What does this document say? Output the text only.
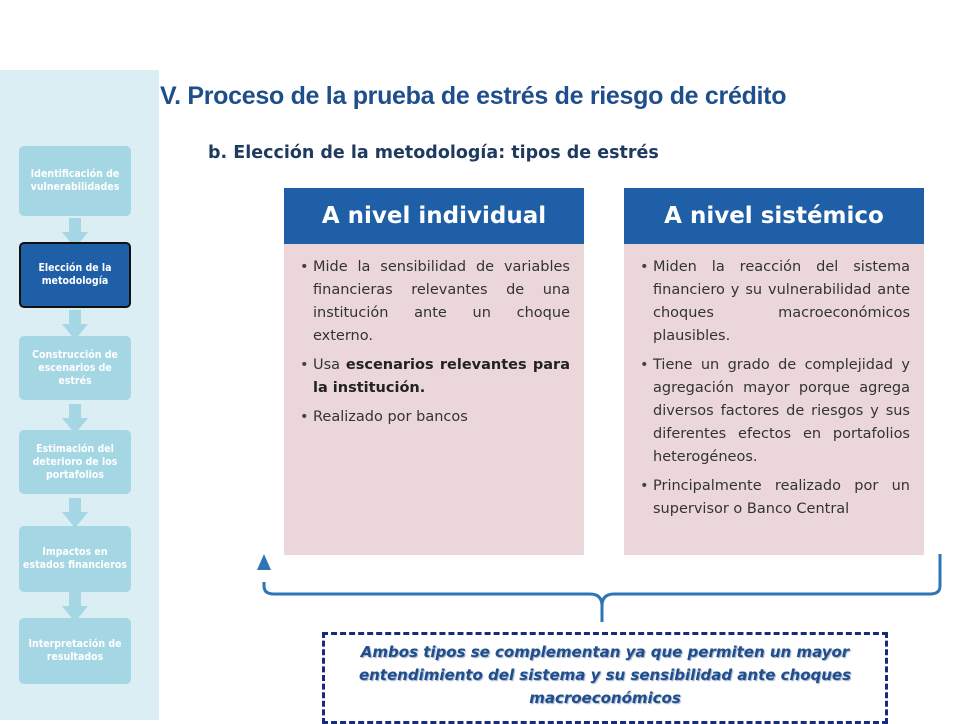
Identificación de vulnerabilidades
Elección de la metodología
Construcción de escenarios de estrés
Estimación del deterioro de los portafolios
Impactos en estados financieros
Interpretación de resultados
V. Proceso de la prueba de estrés de riesgo de crédito
b. Elección de la metodología: tipos de estrés
A nivel individual
• Mide la sensibilidad de variables financieras relevantes de una institución ante un choque externo.
• Usa escenarios relevantes para la institución.
• Realizado por bancos
A nivel sistémico
• Miden la reacción del sistema financiero y su vulnerabilidad ante choques macroeconómicos plausibles.
• Tiene un grado de complejidad y agregación mayor porque agrega diversos factores de riesgos y sus diferentes efectos en portafolios heterogéneos.
• Principalmente realizado por un supervisor o Banco Central

Ambos tipos se complementan ya que permiten un mayor entendimiento del sistema y su sensibilidad ante choques macroeconómicos
